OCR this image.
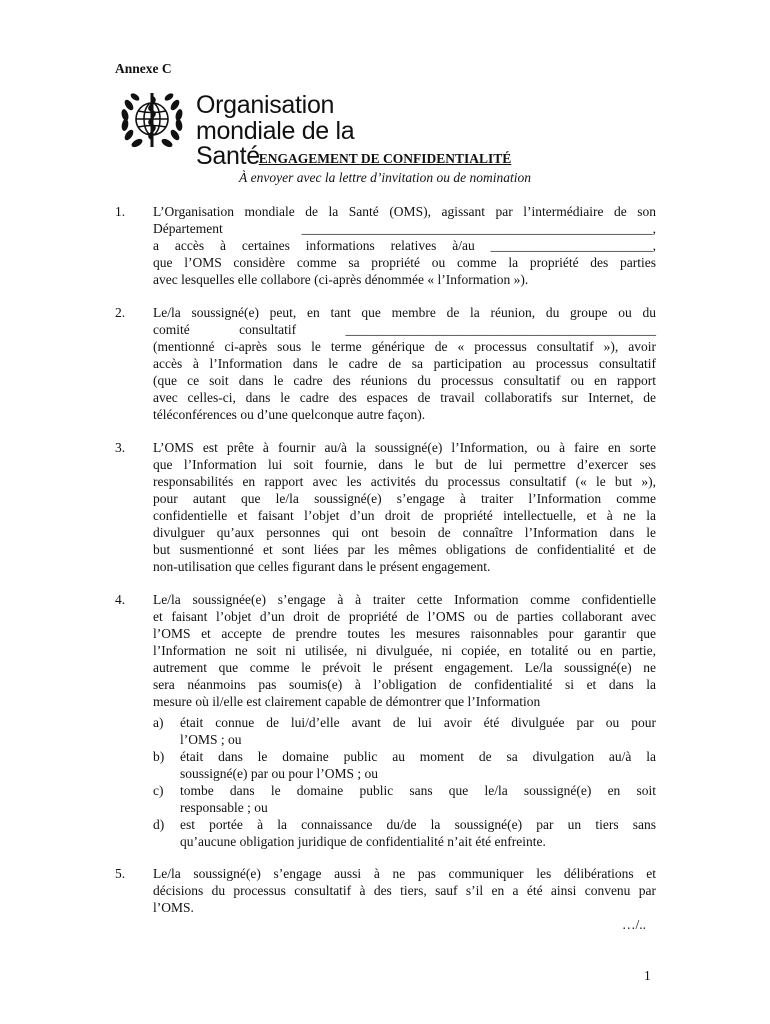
Annexe C
Organisation
mondiale de la Santé
ENGAGEMENT DE CONFIDENTIALITÉ
À envoyer avec la lettre d’invitation ou de nomination
1.	L’Organisation mondiale de la Santé (OMS), agissant par l’intermédiaire de son
Département ____________________________________________________,
a accès à certaines informations relatives à/au ________________________,
que l’OMS considère comme sa propriété ou comme la propriété des parties
avec lesquelles elle collabore (ci-après dénommée « l’Information »).
2.	Le/la soussigné(e) peut, en tant que membre de la réunion, du groupe ou du
comité consultatif ______________________________________________
(mentionné ci-après sous le terme générique de « processus consultatif »), avoir
accès à l’Information dans le cadre de sa participation au processus consultatif
(que ce soit dans le cadre des réunions du processus consultatif ou en rapport
avec celles-ci, dans le cadre des espaces de travail collaboratifs sur Internet, de
téléconférences ou d’une quelconque autre façon).
3.	L’OMS est prête à fournir au/à la soussigné(e) l’Information, ou à faire en sorte
que l’Information lui soit fournie, dans le but de lui permettre d’exercer ses
responsabilités en rapport avec les activités du processus consultatif (« le but »),
pour autant que le/la soussigné(e) s’engage à traiter l’Information comme
confidentielle et faisant l’objet d’un droit de propriété intellectuelle, et à ne la
divulguer qu’aux personnes qui ont besoin de connaître l’Information dans le
but susmentionné et sont liées par les mêmes obligations de confidentialité et de
non-utilisation que celles figurant dans le présent engagement.
4.	Le/la soussignée(e) s’engage à à traiter cette Information comme confidentielle
et faisant l’objet d’un droit de propriété de l’OMS ou de parties collaborant avec
l’OMS et accepte de prendre toutes les mesures raisonnables pour garantir que
l’Information ne soit ni utilisée, ni divulguée, ni copiée, en totalité ou en partie,
autrement que comme le prévoit le présent engagement. Le/la soussigné(e) ne
sera néanmoins pas soumis(e) à l’obligation de confidentialité si et dans la
mesure où il/elle est clairement capable de démontrer que l’Information
a) était connue de lui/d’elle avant de lui avoir été divulguée par ou pour
l’OMS ; ou
b) était dans le domaine public au moment de sa divulgation au/à la
soussigné(e) par ou pour l’OMS ; ou
c) tombe dans le domaine public sans que le/la soussigné(e) en soit
responsable ; ou
d) est portée à la connaissance du/de la soussigné(e) par un tiers sans
qu’aucune obligation juridique de confidentialité n’ait été enfreinte.
5.	Le/la soussigné(e) s’engage aussi à ne pas communiquer les délibérations et
décisions du processus consultatif à des tiers, sauf s’il en a été ainsi convenu par
l’OMS.
…/..
1
